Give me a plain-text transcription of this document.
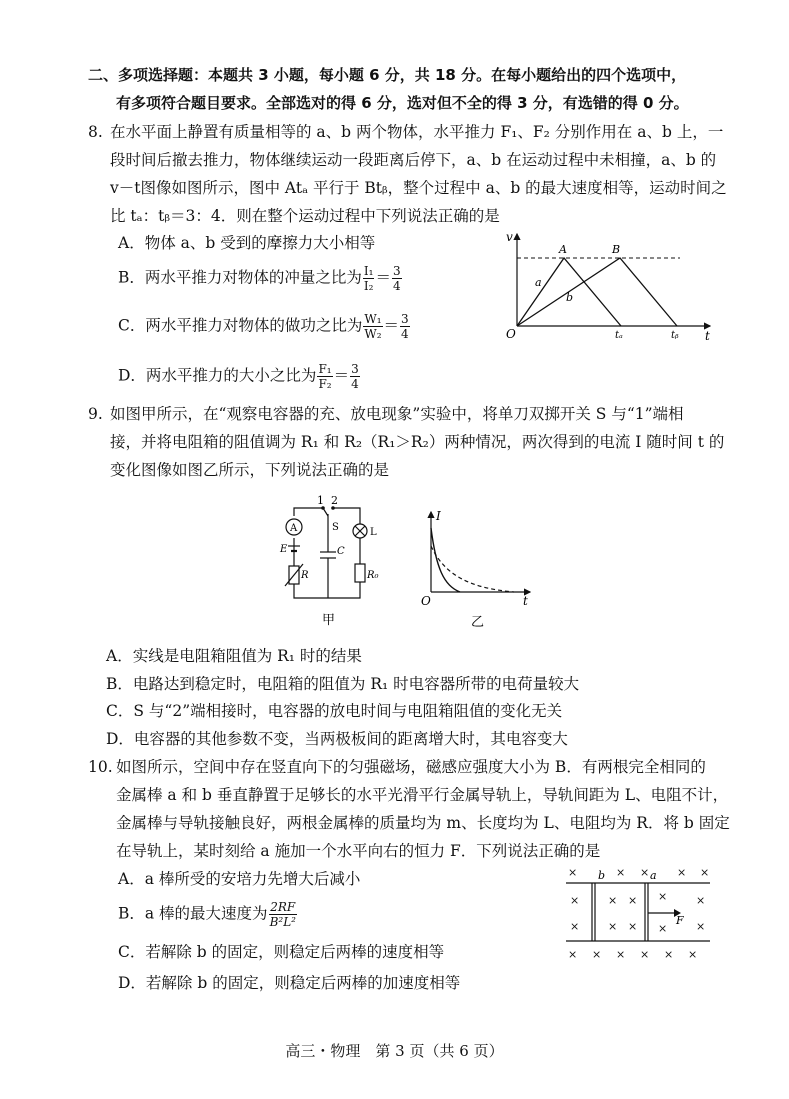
二、多项选择题：本题共 3 小题，每小题 6 分，共 18 分。在每小题给出的四个选项中，
有多项符合题目要求。全部选对的得 6 分，选对但不全的得 3 分，有选错的得 0 分。
8. 在水平面上静置有质量相等的 a、b 两个物体，水平推力 F₁、F₂ 分别作用在 a、b 上，一
段时间后撤去推力，物体继续运动一段距离后停下，a、b 在运动过程中未相撞，a、b 的
v－t图像如图所示，图中 Atₐ 平行于 Btᵦ，整个过程中 a、b 的最大速度相等，运动时间之
比 tₐ：tᵦ＝3：4．则在整个运动过程中下列说法正确的是
A．物体 a、b 受到的摩擦力大小相等
B．两水平推力对物体的冲量之比为 $\frac{\text{I₁}}{\text{I₂}} = \frac{3}{4}$
C．两水平推力对物体的做功之比为 $\frac{\text{W₁}}{\text{W₂}} = \frac{3}{4}$
D．两水平推力的大小之比为 $\frac{\text{F₁}}{\text{F₂}} = \frac{3}{4}$
v
t
O
A	B
a
b
tₐ	tᵦ
9. 如图甲所示，在“观察电容器的充、放电现象”实验中，将单刀双掷开关 S 与“1”端相
接，并将电阻箱的阻值调为 R₁ 和 R₂（R₁＞R₂）两种情况，两次得到的电流 I 随时间 t 的
变化图像如图乙所示，下列说法正确的是
1 2
A	S	L
E	C
R	R₀
甲
I
O	t
乙
A．实线是电阻箱阻值为 R₁ 时的结果
B．电路达到稳定时，电阻箱的阻值为 R₁ 时电容器所带的电荷量较大
C．S 与“2”端相接时，电容器的放电时间与电阻箱阻值的变化无关
D．电容器的其他参数不变，当两极板间的距离增大时，其电容变大
10. 如图所示，空间中存在竖直向下的匀强磁场，磁感应强度大小为 B．有两根完全相同的
金属棒 a 和 b 垂直静置于足够长的水平光滑平行金属导轨上，导轨间距为 L、电阻不计，
金属棒与导轨接触良好，两根金属棒的质量均为 m、长度均为 L、电阻均为 R．将 b 固定
在导轨上，某时刻给 a 施加一个水平向右的恒力 F．下列说法正确的是
A．a 棒所受的安培力先增大后减小
B．a 棒的最大速度为 $\frac{2RF}{\text{B²L²}}$
C．若解除 b 的固定，则稳定后两棒的速度相等
D．若解除 b 的固定，则稳定后两棒的加速度相等
b	a
F
×	× ×	× ×
×	× × ×	×
×	× × ×	×
× × × × × ×
高三・物理　第 3 页（共 6 页）
